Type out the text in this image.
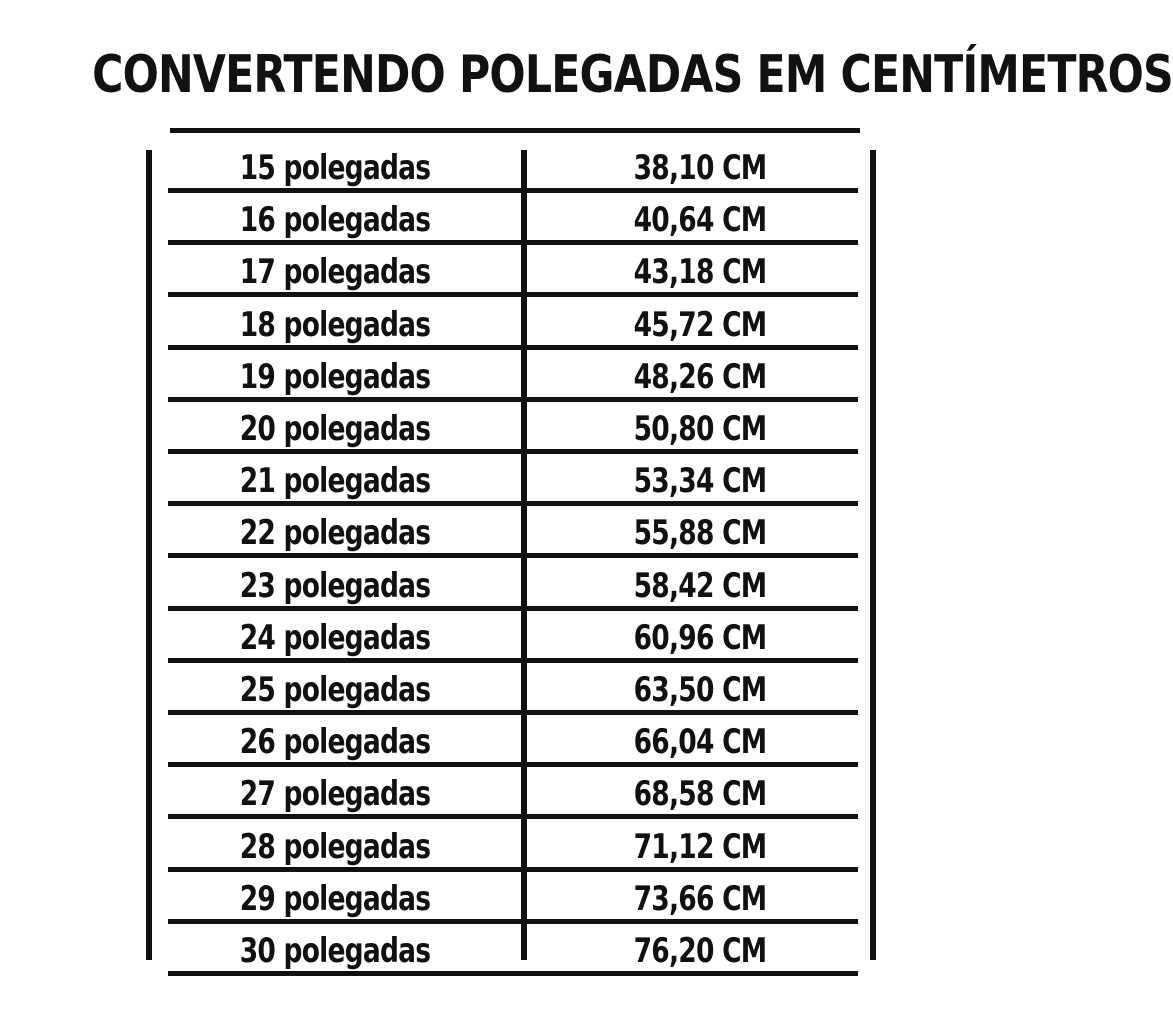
CONVERTENDO POLEGADAS EM CENTÍMETROS
15 polegadas	38,10 CM
16 polegadas	40,64 CM
17 polegadas	43,18 CM
18 polegadas	45,72 CM
19 polegadas	48,26 CM
20 polegadas	50,80 CM
21 polegadas	53,34 CM
22 polegadas	55,88 CM
23 polegadas	58,42 CM
24 polegadas	60,96 CM
25 polegadas	63,50 CM
26 polegadas	66,04 CM
27 polegadas	68,58 CM
28 polegadas	71,12 CM
29 polegadas	73,66 CM
30 polegadas	76,20 CM
